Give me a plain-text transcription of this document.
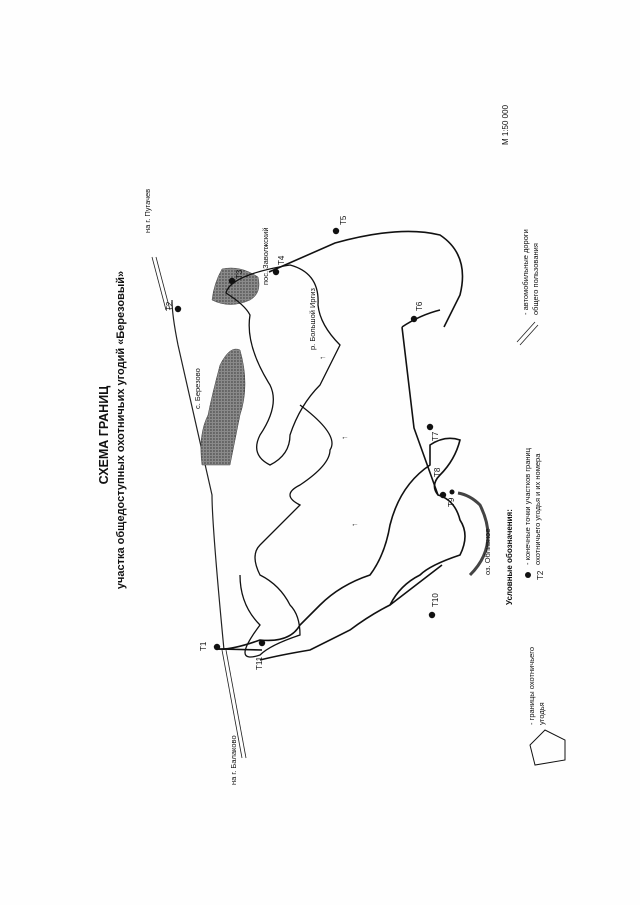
СХЕМА ГРАНИЦ участка общедоступных охотничьих угодий «Березовый»
М 1:50 000
↑
↑
↑
с. Березово
пос. Заволжский
р. Большой Иргиз
оз. Обливное
на г. Пугачев
на г. Балаково
Т1
Т2
Т3
Т4
Т5
Т6
Т7
Т8
Т9
Т10
Т11
Условные обозначения:
- границы охотничьего угодья
Т2
- конечные точки участков границ охотничьего угодья и их номера
- автомобильные дороги общего пользования
